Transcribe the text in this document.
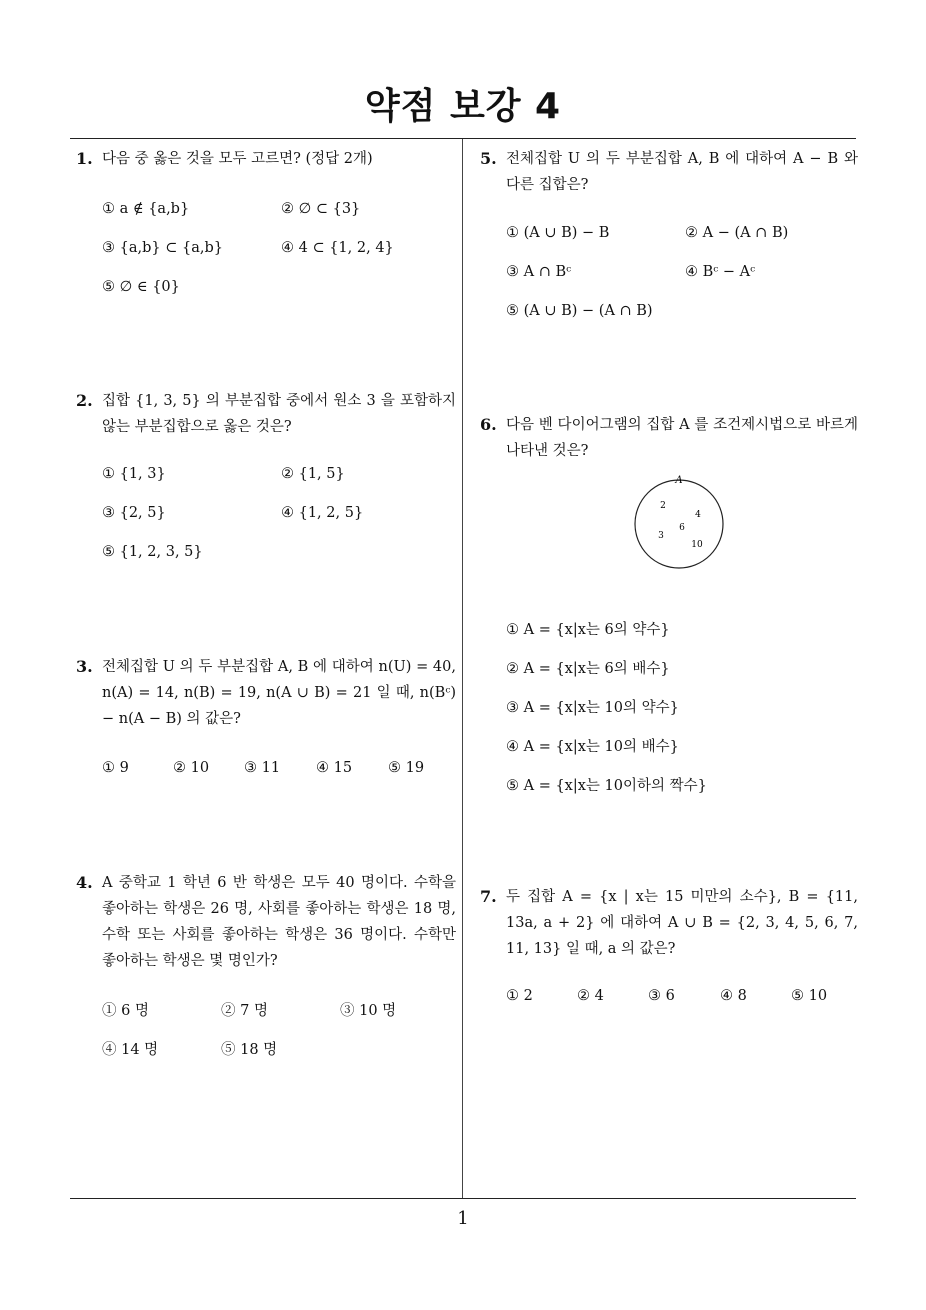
약점 보강 4
1
1. 다음 중 옳은 것을 모두 고르면? (정답 2개)
① a ∉ {a,b}	② ∅ ⊂ {3}
③ {a,b} ⊂ {a,b}	④ 4 ⊂ {1, 2, 4}
⑤ ∅ ∈ {0}
2. 집합 {1, 3, 5} 의 부분집합 중에서 원소 3 을 포함하지 않는 부분집합으로 옳은 것은?
① {1, 3}	② {1, 5}
③ {2, 5}	④ {1, 2, 5}
⑤ {1, 2, 3, 5}
3. 전체집합 U 의 두 부분집합 A, B 에 대하여 n(U) = 40, n(A) = 14, n(B) = 19, n(A ∪ B) = 21 일 때, n(Bᶜ) − n(A − B) 의 값은?
① 9	② 10 ③ 11 ④ 15 ⑤ 19
4. A 중학교 1 학년 6 반 학생은 모두 40 명이다. 수학을 좋아하는 학생은 26 명, 사회를 좋아하는 학생은 18 명, 수학 또는 사회를 좋아하는 학생은 36 명이다. 수학만 좋아하는 학생은 몇 명인가?
① 6 명	② 7 명	③ 10 명
④ 14 명	⑤ 18 명
5. 전체집합 U 의 두 부분집합 A, B 에 대하여 A − B 와 다른 집합은?
① (A ∪ B) − B	② A − (A ∩ B)
③ A ∩ Bᶜ	④ Bᶜ − Aᶜ
⑤ (A ∪ B) − (A ∩ B)
6. 다음 벤 다이어그램의 집합 A 를 조건제시법으로 바르게 나타낸 것은?
A
2
4
6
3
10
① A = {x|x는 6의 약수}
② A = {x|x는 6의 배수}
③ A = {x|x는 10의 약수}
④ A = {x|x는 10의 배수}
⑤ A = {x|x는 10이하의 짝수}
7. 두 집합 A = {x | x는 15 미만의 소수}, B = {11, 13a, a + 2} 에 대하여 A ∪ B = {2, 3, 4, 5, 6, 7, 11, 13} 일 때, a 의 값은?
① 2	② 4	③ 6	④ 8	⑤ 10
